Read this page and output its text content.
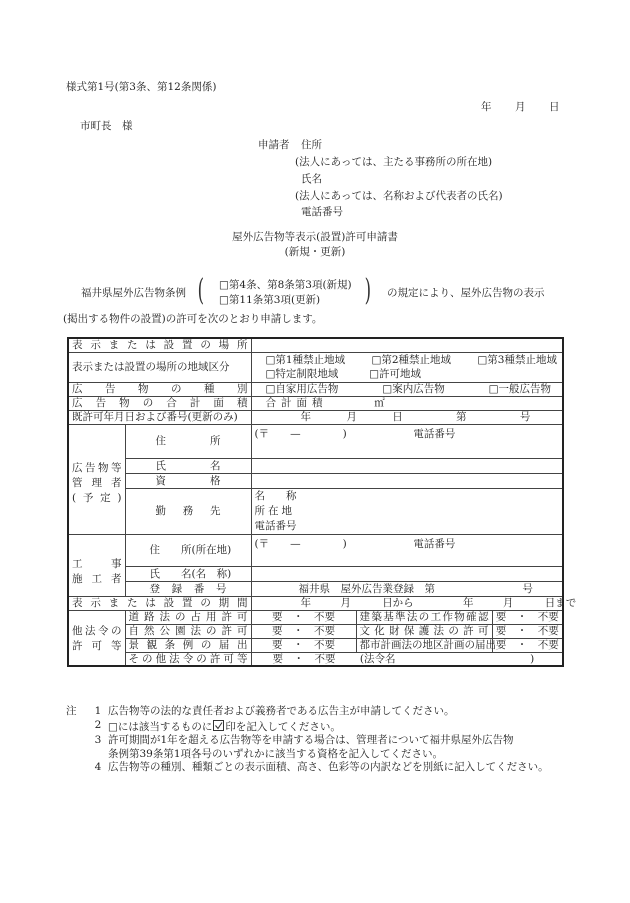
様式第1号(第3条、第12条関係)
年 月 日
市町長　様
申請者 住所
(法人にあっては、主たる事務所の所在地)
氏名
(法人にあっては、名称および代表者の氏名)
電話番号
屋外広告物等表示(設置)許可申請書
(新規・更新)
福井県屋外広告物条例 ( □第4条、第8条第3項(新規)
□第11条第3項(更新) ) の規定により、屋外広告物の表示
(掲出する物件の設置)の許可を次のとおり申請します。
表示または設置の場所				
表示または設置の場所の地域区分		□第1種禁止地域 □第2種禁止地域 □第3種禁止地域
□特定制限地域 □許可地域		

広告物の種別		□自家用広告物 □案内広告物 □一般広告物		

広告物の合計面積		合計面積 ㎡		
既許可年月日および番号(更新のみ)		年 月 日 第 号		

広告物等
管理者
(予定)	住所	(〒　　—　　　　) 電話番号		
	氏名			
	資格			
	勤務先	名　　称
所在地
電話番号		

工事
施工者	住　　所(所在地)	(〒　　—　　　　) 電話番号		
	氏　　名(名　称)			
	登録番号	福井県　屋外広告業登録　第 号		
表示または設置の期間		年 月 日から 年 月 日まで		

他法令の
許可等	道路法の占用許可	要　・　不要	建築基準法の工作物確認	要　・　不要
	自然公園法の許可	要　・　不要	文化財保護法の許可	要　・　不要
	景観条例の届出	要　・　不要	都市計画法の地区計画の届出	要　・　不要
	その他法令の許可等	要　・　不要 (法令名 )		
注	1 広告物等の法的な責任者および義務者である広告主が申請してください。
2 □には該当するものに 印を記入してください。
3 許可期間が1年を超える広告物等を申請する場合は、管理者について福井県屋外広告物
条例第39条第1項各号のいずれかに該当する資格を記入してください。
4 広告物等の種別、種類ごとの表示面積、高さ、色彩等の内訳などを別紙に記入してください。
